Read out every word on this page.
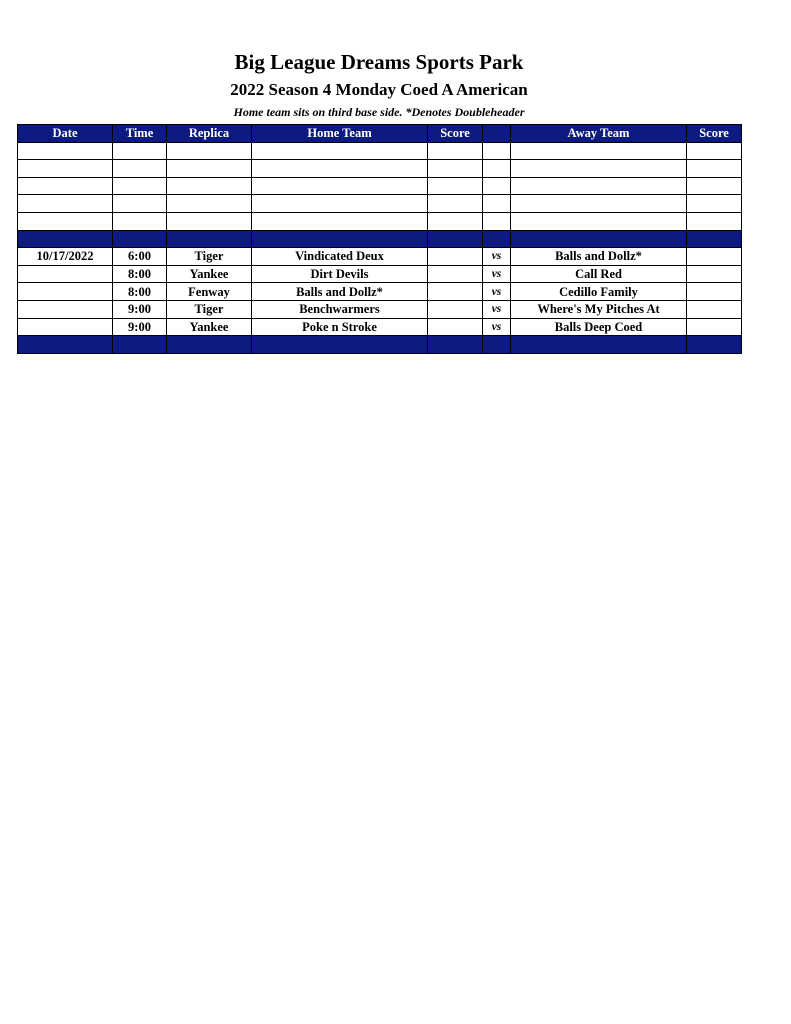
Big League Dreams Sports Park
2022 Season 4 Monday Coed A American
Home team sits on third base side. *Denotes Doubleheader
Date	Time	Replica	Home Team	Score		Away Team	Score

10/17/2022	6:00	Tiger	Vindicated Deux		vs	Balls and Dollz*	
	8:00	Yankee	Dirt Devils		vs	Call Red	
	8:00	Fenway	Balls and Dollz*		vs	Cedillo Family	
	9:00	Tiger	Benchwarmers		vs	Where's My Pitches At	
	9:00	Yankee	Poke n Stroke		vs	Balls Deep Coed	
